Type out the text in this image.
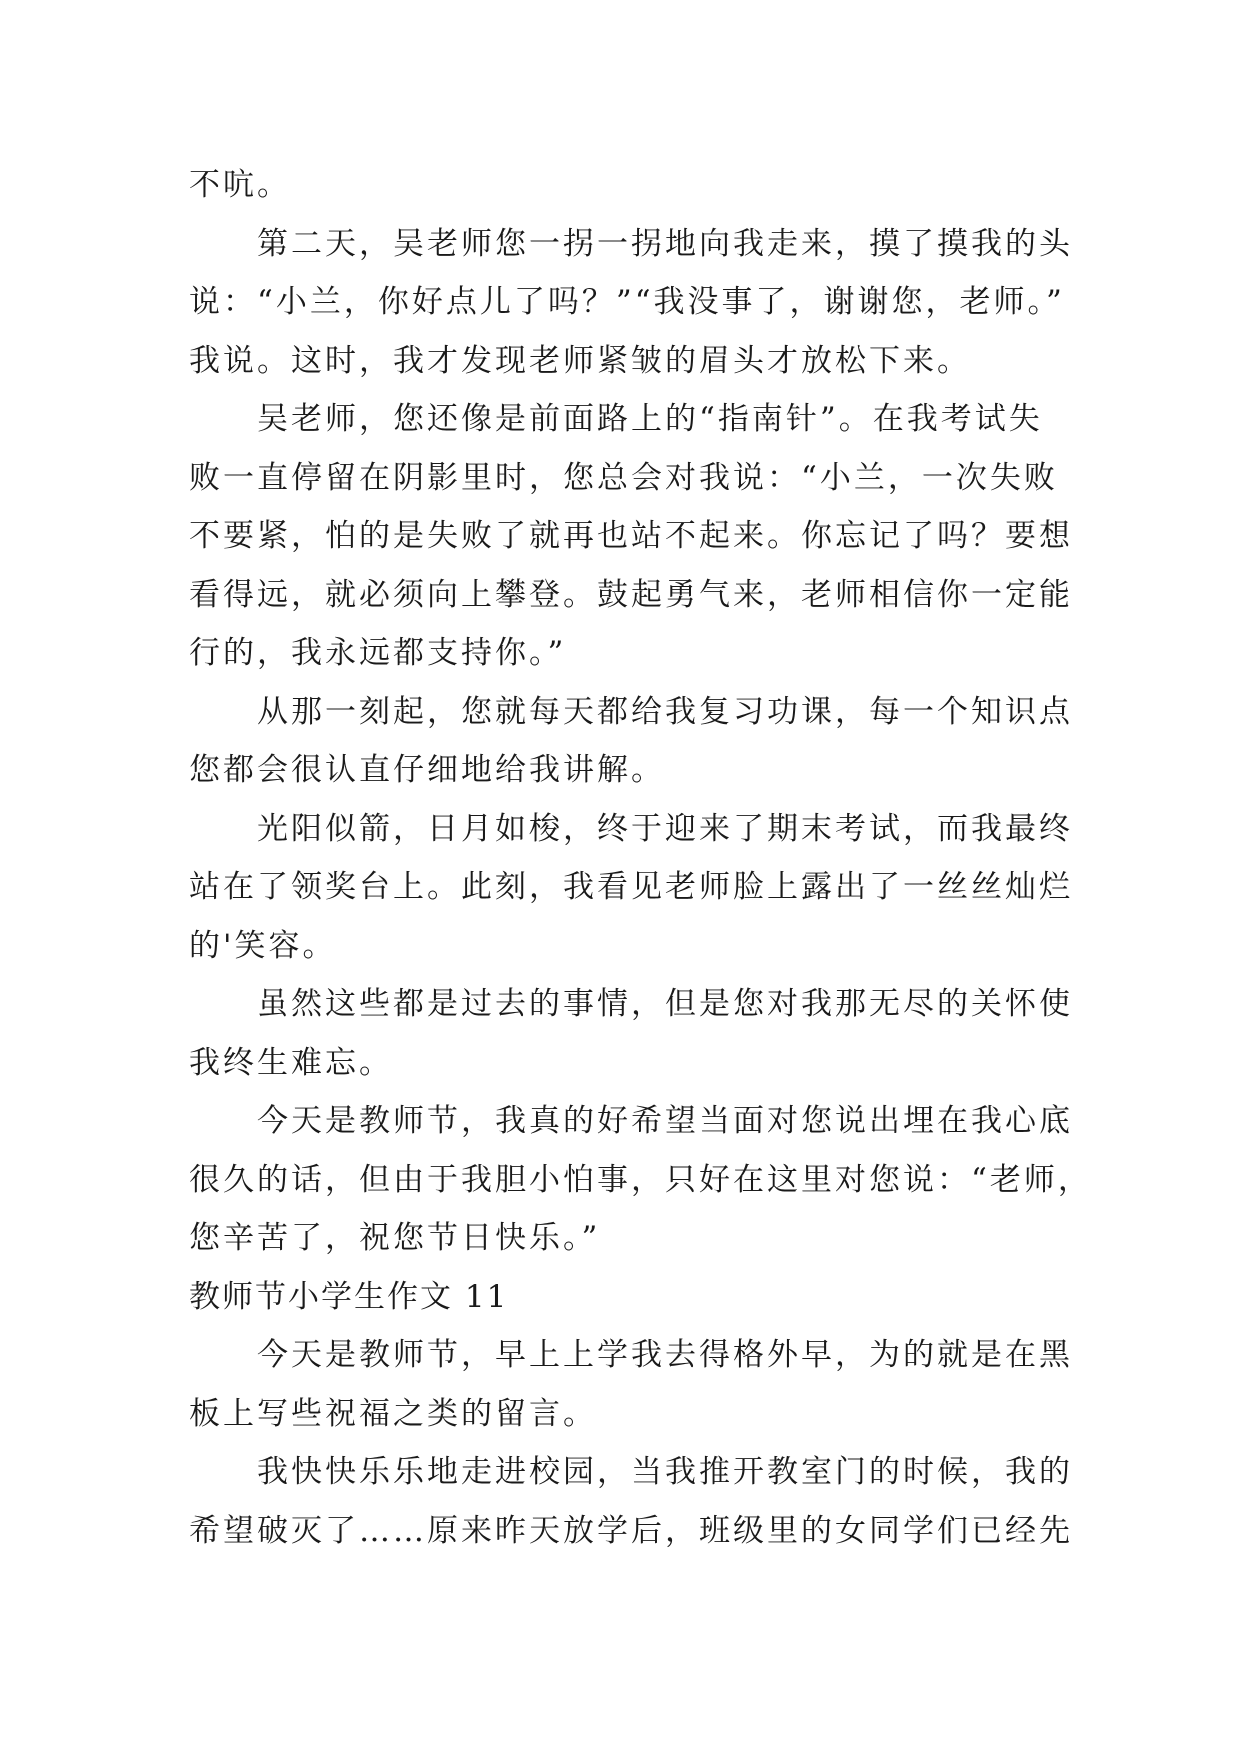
不吭。
第二天，吴老师您一拐一拐地向我走来，摸了摸我的头
说：“小兰，你好点儿了吗？”“我没事了，谢谢您，老师。”
我说。这时，我才发现老师紧皱的眉头才放松下来。
吴老师，您还像是前面路上的“指南针”。在我考试失
败一直停留在阴影里时，您总会对我说：“小兰，一次失败
不要紧，怕的是失败了就再也站不起来。你忘记了吗？要想
看得远，就必须向上攀登。鼓起勇气来，老师相信你一定能
行的，我永远都支持你。”
从那一刻起，您就每天都给我复习功课，每一个知识点
您都会很认直仔细地给我讲解。
光阳似箭，日月如梭，终于迎来了期末考试，而我最终
站在了领奖台上。此刻，我看见老师脸上露出了一丝丝灿烂
的'笑容。
虽然这些都是过去的事情，但是您对我那无尽的关怀使
我终生难忘。
今天是教师节，我真的好希望当面对您说出埋在我心底
很久的话，但由于我胆小怕事，只好在这里对您说：“老师，
您辛苦了，祝您节日快乐。”
教师节小学生作文 11
今天是教师节，早上上学我去得格外早，为的就是在黑
板上写些祝福之类的留言。
我快快乐乐地走进校园，当我推开教室门的时候，我的
希望破灭了……原来昨天放学后，班级里的女同学们已经先
